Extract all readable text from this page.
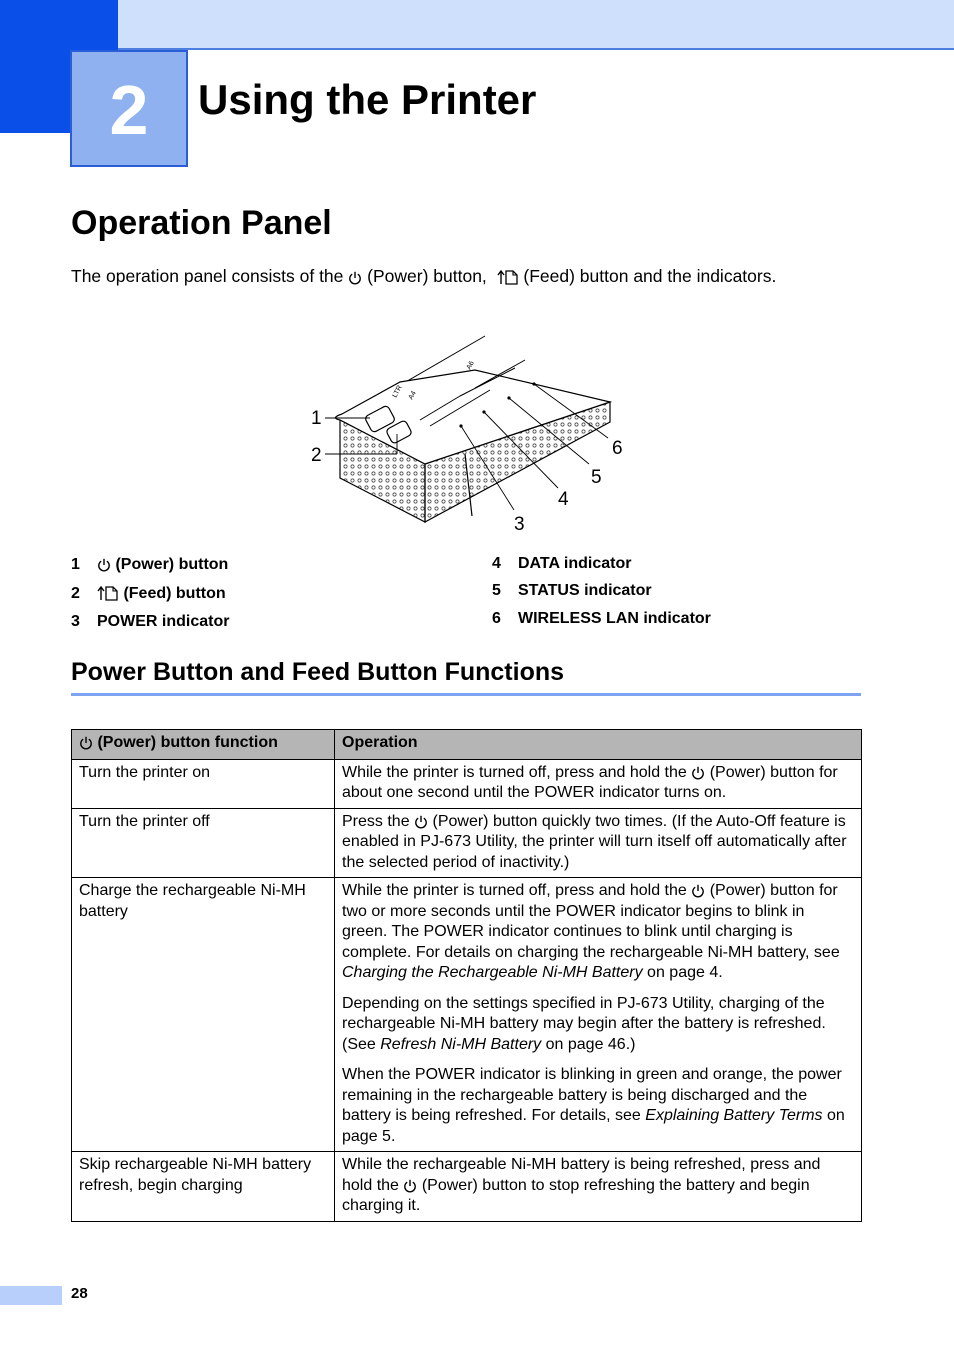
2	Using the Printer
Operation Panel
The operation panel consists of the (Power) button, (Feed) button and the indicators.
LTR A4
A6
1
2
3
4
5
6
1 (Power) button
2	(Feed) button
3 POWER indicator
4 DATA indicator
5 STATUS indicator
6 WIRELESS LAN indicator
Power Button and Feed Button Functions
(Power) button function	Operation
Turn the printer on	While the printer is turned off, press and hold the (Power) button for about one second until the POWER indicator turns on.
Turn the printer off	Press the (Power) button quickly two times. (If the Auto-Off feature is enabled in PJ-673 Utility, the printer will turn itself off automatically after the selected period of inactivity.)
Charge the rechargeable Ni-MH battery	While the printer is turned off, press and hold the (Power) button for two or more seconds until the POWER indicator begins to blink in green. The POWER indicator continues to blink until charging is complete. For details on charging the rechargeable Ni-MH battery, see Charging the Rechargeable Ni-MH Battery on page 4.

Depending on the settings specified in PJ-673 Utility, charging of the rechargeable Ni-MH battery may begin after the battery is refreshed. (See Refresh Ni-MH Battery on page 46.)

When the POWER indicator is blinking in green and orange, the power remaining in the rechargeable battery is being discharged and the battery is being refreshed. For details, see Explaining Battery Terms on page 5.

Skip rechargeable Ni-MH battery refresh, begin charging	While the rechargeable Ni-MH battery is being refreshed, press and hold the (Power) button to stop refreshing the battery and begin charging it.
28
